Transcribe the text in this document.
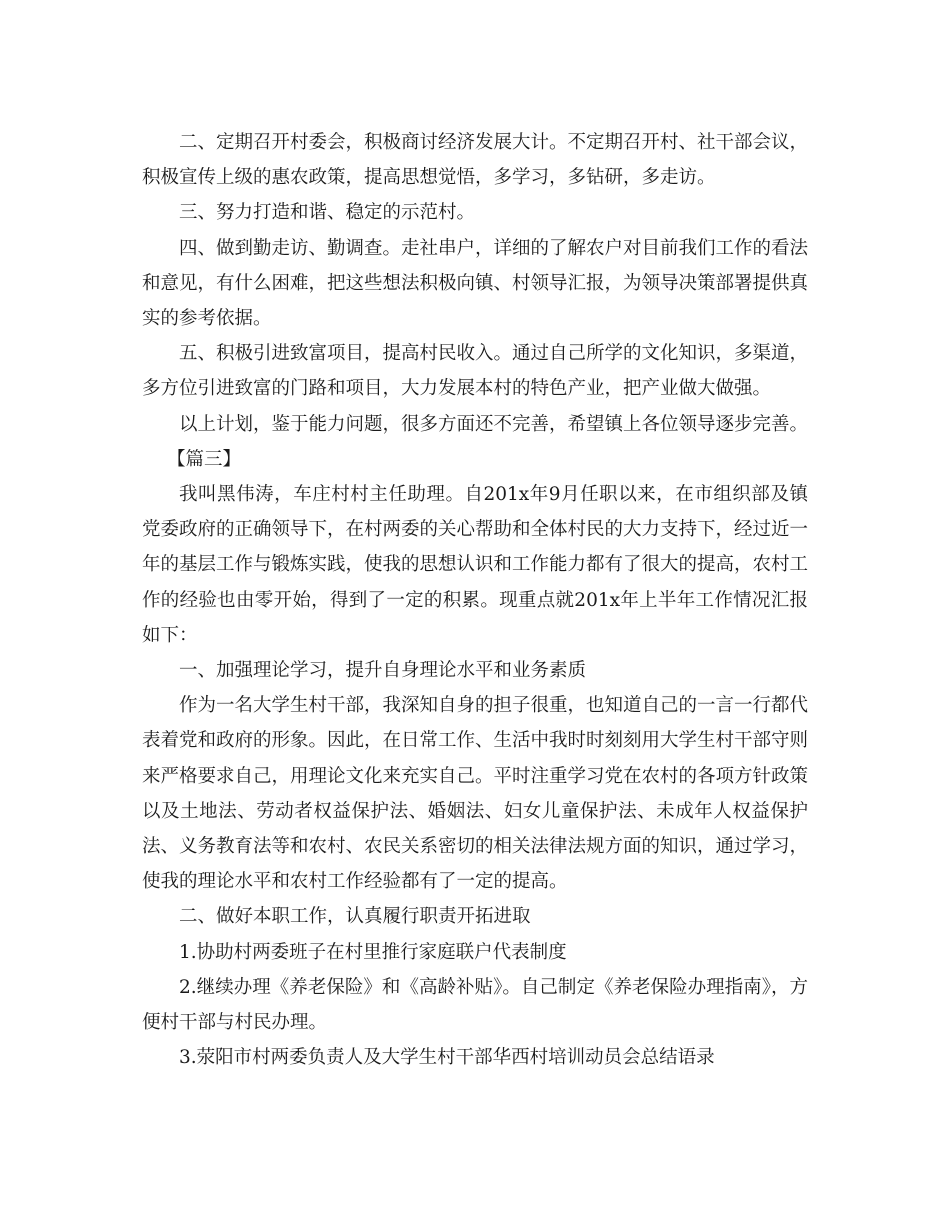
二、定期召开村委会，积极商讨经济发展大计。不定期召开村、社干部会议，积极宣传上级的惠农政策，提高思想觉悟，多学习，多钻研，多走访。

三、努力打造和谐、稳定的示范村。

四、做到勤走访、勤调查。走社串户，详细的了解农户对目前我们工作的看法和意见，有什么困难，把这些想法积极向镇、村领导汇报，为领导决策部署提供真实的参考依据。

五、积极引进致富项目，提高村民收入。通过自己所学的文化知识，多渠道，多方位引进致富的门路和项目，大力发展本村的特色产业，把产业做大做强。

以上计划，鉴于能力问题，很多方面还不完善，希望镇上各位领导逐步完善。

【篇三】

我叫黑伟涛，车庄村村主任助理。自201x年9月任职以来，在市组织部及镇党委政府的正确领导下，在村两委的关心帮助和全体村民的大力支持下，经过近一年的基层工作与锻炼实践，使我的思想认识和工作能力都有了很大的提高，农村工作的经验也由零开始，得到了一定的积累。现重点就201x年上半年工作情况汇报如下：

一、加强理论学习，提升自身理论水平和业务素质

作为一名大学生村干部，我深知自身的担子很重，也知道自己的一言一行都代表着党和政府的形象。因此，在日常工作、生活中我时时刻刻用大学生村干部守则来严格要求自己，用理论文化来充实自己。平时注重学习党在农村的各项方针政策以及土地法、劳动者权益保护法、婚姻法、妇女儿童保护法、未成年人权益保护法、义务教育法等和农村、农民关系密切的相关法律法规方面的知识，通过学习，使我的理论水平和农村工作经验都有了一定的提高。

二、做好本职工作，认真履行职责开拓进取

1.协助村两委班子在村里推行家庭联户代表制度

2.继续办理《养老保险》和《高龄补贴》。自己制定《养老保险办理指南》，方便村干部与村民办理。

3.荥阳市村两委负责人及大学生村干部华西村培训动员会总结语录
